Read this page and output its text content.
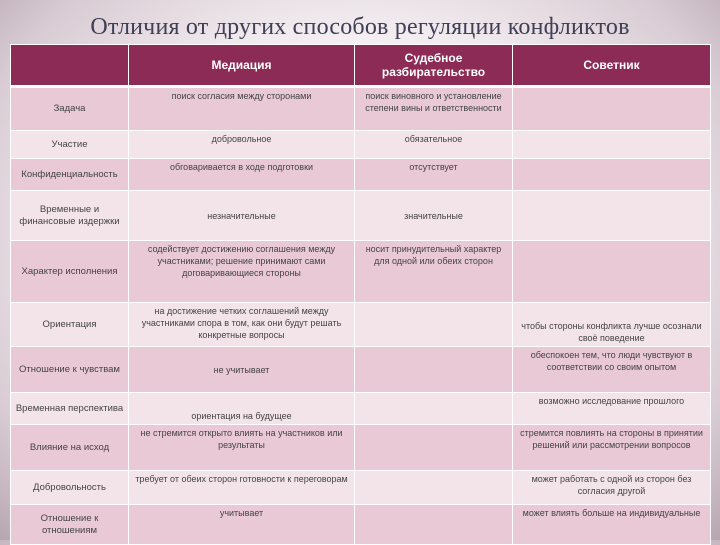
Отличия от других способов регуляции конфликтов
	Медиация	Судебное разбирательство	Советник
Задача	поиск согласия между сторонами	поиск виновного и установление степени вины и ответственности	
Участие	добровольное	обязательное	
Конфиденциальность	обговаривается в ходе подготовки	отсутствует	
Временные и финансовые издержки	незначительные	значительные	
Характер исполнения	содействует достижению соглашения между участниками; решение принимают сами договаривающиеся стороны	носит принудительный характер для одной или обеих сторон	
Ориентация	на достижение четких соглашений между участниками спора в том, как они будут решать конкретные вопросы		чтобы стороны конфликта лучше осознали своё поведение
Отношение к чувствам	не учитывает		обеспокоен тем, что люди чувствуют в соответствии со своим опытом
Временная перспектива	ориентация на будущее		возможно исследование прошлого
Влияние на исход	не стремится открыто влиять на участников или результаты		стремится повлиять на стороны в принятии решений или рассмотрении вопросов
Добровольность	требует от обеих сторон готовности к переговорам		может работать с одной из сторон без согласия другой
Отношение к отношениям	учитывает		может влиять больше на индивидуальные
